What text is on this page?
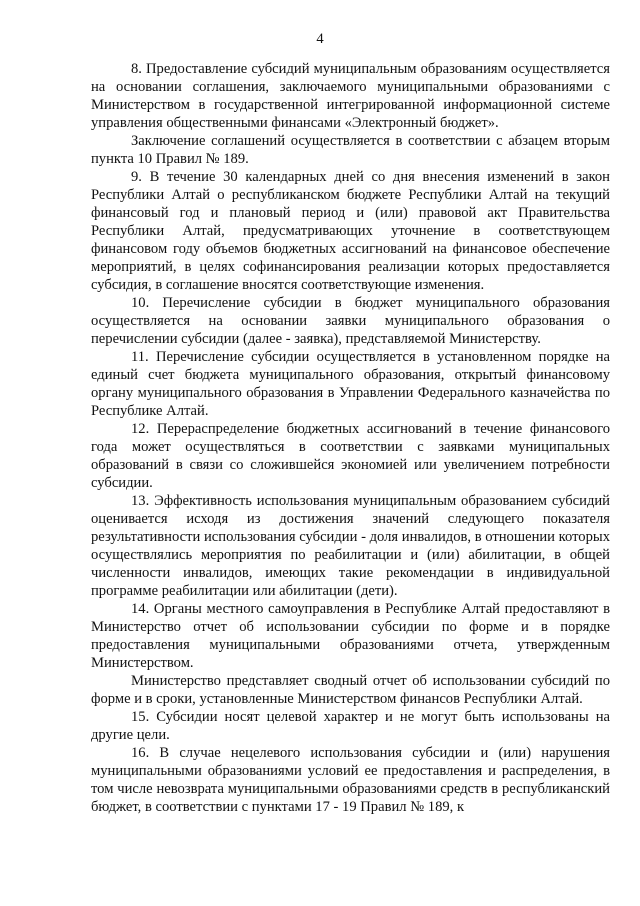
4

8. Предоставление субсидий муниципальным образованиям осуществляется на основании соглашения, заключаемого муниципальными образованиями с Министерством в государственной интегрированной информационной системе управления общественными финансами «Электронный бюджет».

Заключение соглашений осуществляется в соответствии с абзацем вторым пункта 10 Правил № 189.

9. В течение 30 календарных дней со дня внесения изменений в закон Республики Алтай о республиканском бюджете Республики Алтай на текущий финансовый год и плановый период и (или) правовой акт Правительства Республики Алтай, предусматривающих уточнение в соответствующем финансовом году объемов бюджетных ассигнований на финансовое обеспечение мероприятий, в целях софинансирования реализации которых предоставляется субсидия, в соглашение вносятся соответствующие изменения.

10. Перечисление субсидии в бюджет муниципального образования осуществляется на основании заявки муниципального образования о перечислении субсидии (далее - заявка), представляемой Министерству.

11. Перечисление субсидии осуществляется в установленном порядке на единый счет бюджета муниципального образования, открытый финансовому органу муниципального образования в Управлении Федерального казначейства по Республике Алтай.

12. Перераспределение бюджетных ассигнований в течение финансового года может осуществляться в соответствии с заявками муниципальных образований в связи со сложившейся экономией или увеличением потребности субсидии.

13. Эффективность использования муниципальным образованием субсидий оценивается исходя из достижения значений следующего показателя результативности использования субсидии - доля инвалидов, в отношении которых осуществлялись мероприятия по реабилитации и (или) абилитации, в общей численности инвалидов, имеющих такие рекомендации в индивидуальной программе реабилитации или абилитации (дети).

14. Органы местного самоуправления в Республике Алтай предоставляют в Министерство отчет об использовании субсидии по форме и в порядке предоставления муниципальными образованиями отчета, утвержденным Министерством.

Министерство представляет сводный отчет об использовании субсидий по форме и в сроки, установленные Министерством финансов Республики Алтай.

15. Субсидии носят целевой характер и не могут быть использованы на другие цели.

16. В случае нецелевого использования субсидии и (или) нарушения муниципальными образованиями условий ее предоставления и распределения, в том числе невозврата муниципальными образованиями средств в республиканский бюджет, в соответствии с пунктами 17 - 19 Правил № 189, к
